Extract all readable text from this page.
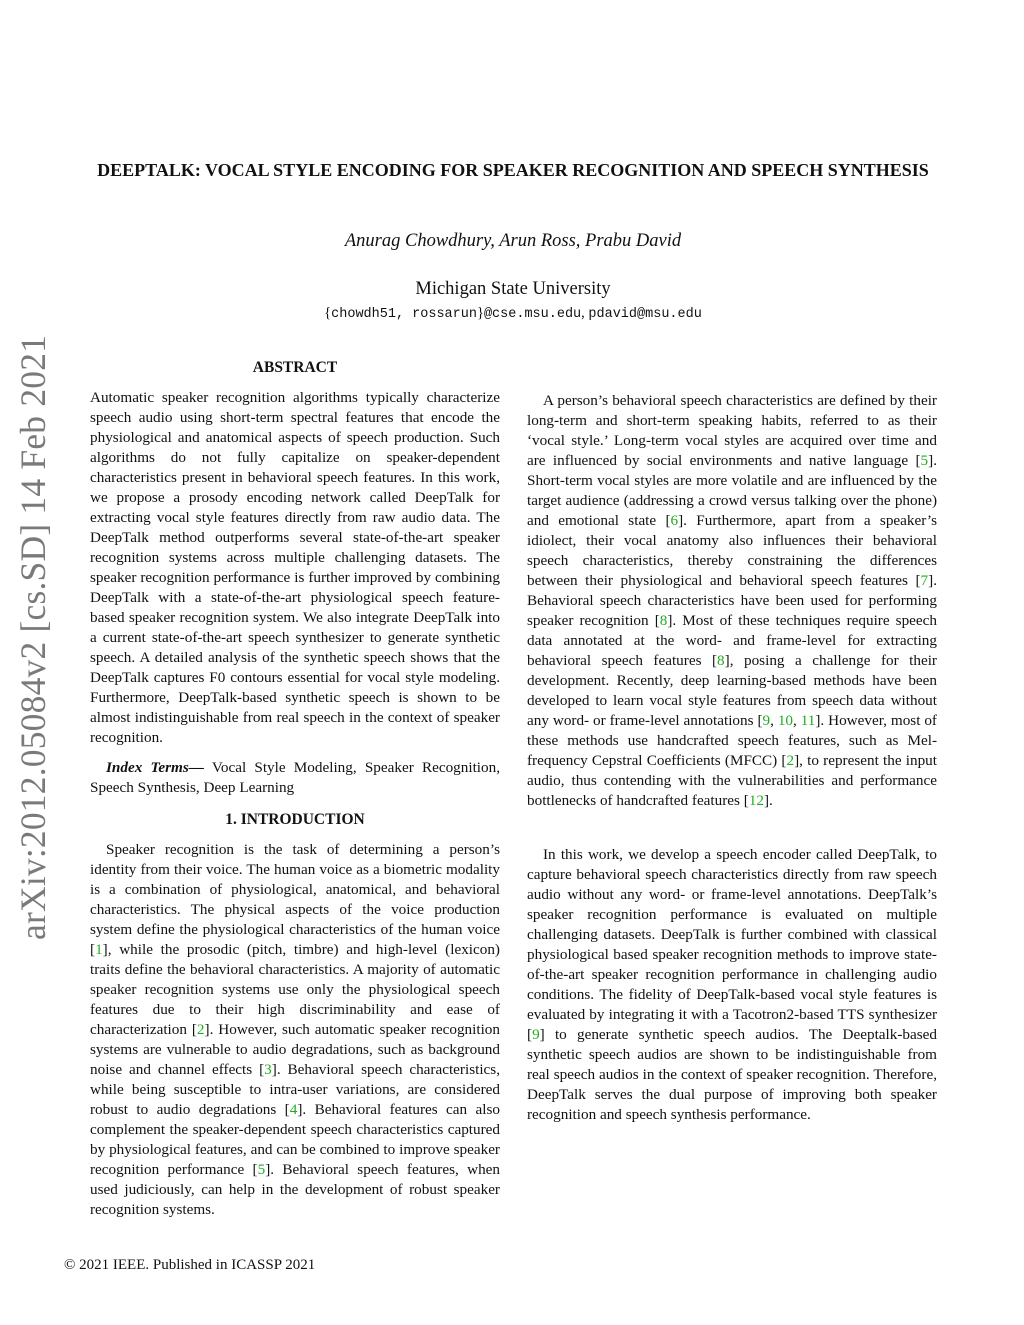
arXiv:2012.05084v2 [cs.SD] 14 Feb 2021
DEEPTALK: VOCAL STYLE ENCODING FOR SPEAKER RECOGNITION AND SPEECH SYNTHESIS
Anurag Chowdhury, Arun Ross, Prabu David
Michigan State University
{chowdh51, rossarun}@cse.msu.edu, pdavid@msu.edu
ABSTRACT

Automatic speaker recognition algorithms typically characterize speech audio using short-term spectral features that encode the physiological and anatomical aspects of speech production. Such algorithms do not fully capitalize on speaker-dependent characteristics present in behavioral speech features. In this work, we propose a prosody encoding network called DeepTalk for extracting vocal style features directly from raw audio data. The DeepTalk method outperforms several state-of-the-art speaker recognition systems across multiple challenging datasets. The speaker recognition performance is further improved by combining DeepTalk with a state-of-the-art physiological speech feature-based speaker recognition system. We also integrate DeepTalk into a current state-of-the-art speech synthesizer to generate synthetic speech. A detailed analysis of the synthetic speech shows that the DeepTalk captures F0 contours essential for vocal style modeling. Furthermore, DeepTalk-based synthetic speech is shown to be almost indistinguishable from real speech in the context of speaker recognition.

Index Terms— Vocal Style Modeling, Speaker Recognition, Speech Synthesis, Deep Learning

1. INTRODUCTION

Speaker recognition is the task of determining a person’s identity from their voice. The human voice as a biometric modality is a combination of physiological, anatomical, and behavioral characteristics. The physical aspects of the voice production system define the physiological characteristics of the human voice [1], while the prosodic (pitch, timbre) and high-level (lexicon) traits define the behavioral characteristics. A majority of automatic speaker recognition systems use only the physiological speech features due to their high discriminability and ease of characterization [2]. However, such automatic speaker recognition systems are vulnerable to audio degradations, such as background noise and channel effects [3]. Behavioral speech characteristics, while being susceptible to intra-user variations, are considered robust to audio degradations [4]. Behavioral features can also complement the speaker-dependent speech characteristics captured by physiological features, and can be combined to improve speaker recognition performance [5]. Behavioral speech features, when used judiciously, can help in the development of robust speaker recognition systems.

A person’s behavioral speech characteristics are defined by their long-term and short-term speaking habits, referred to as their ‘vocal style.’ Long-term vocal styles are acquired over time and are influenced by social environments and native language [5]. Short-term vocal styles are more volatile and are influenced by the target audience (addressing a crowd versus talking over the phone) and emotional state [6]. Furthermore, apart from a speaker’s idiolect, their vocal anatomy also influences their behavioral speech characteristics, thereby constraining the differences between their physiological and behavioral speech features [7]. Behavioral speech characteristics have been used for performing speaker recognition [8]. Most of these techniques require speech data annotated at the word- and frame-level for extracting behavioral speech features [8], posing a challenge for their development. Recently, deep learning-based methods have been developed to learn vocal style features from speech data without any word- or frame-level annotations [9, 10, 11]. However, most of these methods use handcrafted speech features, such as Mel-frequency Cepstral Coefficients (MFCC) [2], to represent the input audio, thus contending with the vulnerabilities and performance bottlenecks of handcrafted features [12].

In this work, we develop a speech encoder called DeepTalk, to capture behavioral speech characteristics directly from raw speech audio without any word- or frame-level annotations. DeepTalk’s speaker recognition performance is evaluated on multiple challenging datasets. DeepTalk is further combined with classical physiological based speaker recognition methods to improve state-of-the-art speaker recognition performance in challenging audio conditions. The fidelity of DeepTalk-based vocal style features is evaluated by integrating it with a Tacotron2-based TTS synthesizer [9] to generate synthetic speech audios. The Deeptalk-based synthetic speech audios are shown to be indistinguishable from real speech audios in the context of speaker recognition. Therefore, DeepTalk serves the dual purpose of improving both speaker recognition and speech synthesis performance.

© 2021 IEEE. Published in ICASSP 2021
